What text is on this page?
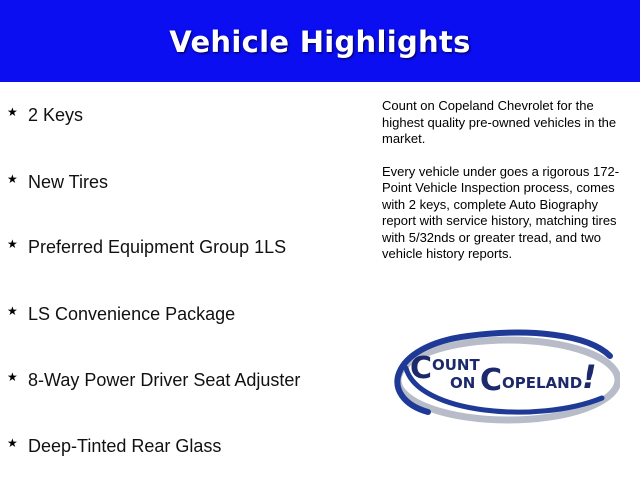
Vehicle Highlights
★ 2 Keys
★ New Tires
★ Preferred Equipment Group 1LS
★ LS Convenience Package
★ 8-Way Power Driver Seat Adjuster
★ Deep-Tinted Rear Glass

Count on Copeland Chevrolet for the highest quality pre-owned vehicles in the market.

Every vehicle under goes a rigorous 172-Point Vehicle Inspection process, comes with 2 keys, complete Auto Biography report with service history, matching tires with 5/32nds or greater tread, and two vehicle history reports.

C OUNT
ON C OPELAND !
